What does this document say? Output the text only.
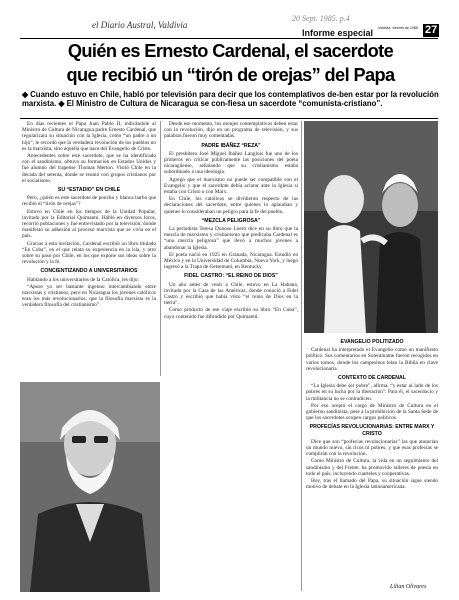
el Diario Austral, Valdivia
20 Sept. 1985. p.4
Informe especial Valdivia, viernes de 1985 27
Quién es Ernesto Cardenal, el sacerdote
que recibió un “tirón de orejas” del Papa
◆ Cuando estuvo en Chile, habló por televisión para decir que los contemplativos de-ben estar por la revolución marxista. ◆ El Ministro de Cultura de Nicaragua se con-fiesa un sacerdote “comunista-cristiano”.

En días recientes el Papa Juan Pablo II, indicándole al Ministro de Cultura de Nicaragua padre Ernesto Cardenal, que regularizara su situación con la Iglesia, como “un padre a un hijo”, le recordó que la verdadera revolución de los pueblos no es la marxista, sino aquella que nace del Evangelio de Cristo.

Antecedentes sobre este sacerdote, que se ha identificado con el sandinismo, obtuvo su formación en Estados Unidos y fue alumno del trapense Thomas Merton. Visitó Chile en la década del setenta, donde se reunió con grupos cristianos por el socialismo.

SU “ESTADIO” EN CHILE

Pero, ¿quién es este sacerdote de poncho y blanca barba que recibió el “tirón de orejas”?

Estuvo en Chile en los tiempos de la Unidad Popular, invitado por la Editorial Quimantú. Habló en diversos foros, recorrió poblaciones y fue entrevistado por la televisión, donde manifestó su adhesión al proceso marxista que se vivía en el país.

Gracias a esta invitación, Cardenal escribió un libro titulado “En Cuba”, en el que relata su experiencia en la isla, y otro sobre su paso por Chile, en los que expone sus ideas sobre la revolución y la fe.

CONCIENTIZANDO A UNIVERSITARIOS

Hablando a los universitarios de la Católica, les dijo:

“Apuro yo ser bastante ingenuo intercambiando entre marxistas y cristianos, pero en Nicaragua los jóvenes católicos eran los más revolucionarios; que la filosofía marxista es la verdadera filosofía del cristianismo”.

Desde ese momento, los monjes contemplativos deben estar con la revolución, dijo en un programa de televisión, y sus palabras fueron muy comentadas.

PADRE IBÁÑEZ “REZA”

El presbítero José Miguel Ibáñez Langlois fue uno de los primeros en criticar públicamente las posiciones del poeta nicaragüense, señalando que su cristianismo estaba subordinado a una ideología.

Agregó que el marxismo no puede ser compatible con el Evangelio y que el sacerdote debía aclarar ante la Iglesia si estaba con Cristo o con Marx.

En Chile, los católicos se dividieron respecto de las declaraciones del sacerdote, entre quienes lo aplaudían y quienes lo consideraban un peligro para la fe del pueblo.

“MEZCLA PELIGROSA”

La periodista Teresa Donoso Loero dice en su libro que la mezcla de marxismo y cristianismo que predicaba Cardenal es “una mezcla peligrosa” que llevó a muchos jóvenes a abandonar la Iglesia.

El poeta nació en 1925 en Granada, Nicaragua. Estudió en México y en la Universidad de Columbia, Nueva York, y luego ingresó a la Trapa de Getsemaní, en Kentucky.

FIDEL CASTRO: “EL REINO DE DIOS”

Un año antes de venir a Chile, estuvo en La Habana, invitado por la Casa de las Américas, donde conoció a Fidel Castro y escribió que había visto “el reino de Dios en la tierra”.

Como producto de ese viaje escribió su libro “En Cuba”, cuyo contenido fue difundido por Quimantú.

EVANGELIO POLITIZADO

Cardenal ha interpretado el Evangelio como un manifiesto político. Sus comentarios en Solentiname fueron recogidos en varios tomos, donde los campesinos leían la Biblia en clave revolucionaria.

CONTEXTO DE CARDENAL

“La Iglesia debe ser pobre”, afirma, “y estar al lado de los pobres en su lucha por la liberación”. Para él, el sacerdocio y la militancia no se contradicen.

Por eso aceptó el cargo de Ministro de Cultura en el gobierno sandinista, pese a la prohibición de la Santa Sede de que los sacerdotes ocupen cargos políticos.

PROFECÍAS REVOLUCIONARIAS: ENTRE MARX Y CRISTO

Dice que son “profecías revolucionarias” las que anuncian un mundo nuevo, sin ricos ni pobres, y que esas profecías se cumplirán con la revolución.

Como Ministro de Cultura, la vida en un seguimiento del sandinismo y del Frente, ha promovido talleres de poesía en todo el país, incluyendo cuarteles y cooperativas.

Hoy, tras el llamado del Papa, su situación sigue siendo motivo de debate en la Iglesia latinoamericana.

Lilian Olivares
